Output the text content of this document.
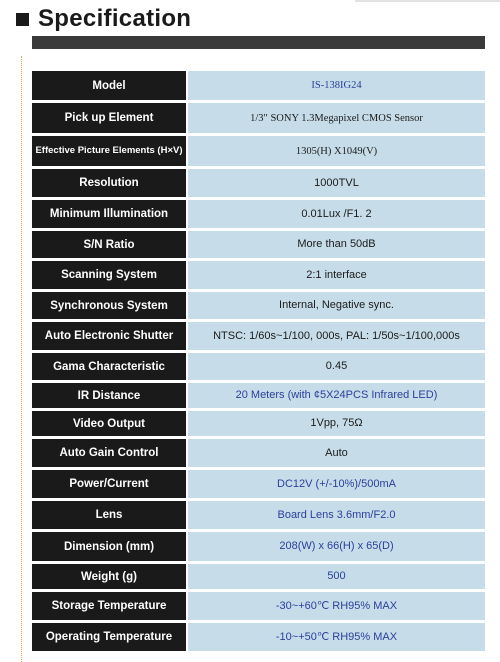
Specification
Model	IS-138IG24
Pick up Element	1/3" SONY 1.3Megapixel CMOS Sensor
Effective Picture Elements (H×V)	1305(H) X1049(V)
Resolution	1000TVL
Minimum Illumination	0.01Lux /F1. 2
S/N Ratio	More than 50dB
Scanning System	2:1 interface
Synchronous System	Internal, Negative sync.
Auto Electronic Shutter	NTSC: 1/60s~1/100, 000s, PAL: 1/50s~1/100,000s
Gama Characteristic	0.45
IR Distance	20 Meters (with ¢5X24PCS Infrared LED)
Video Output	1Vpp, 75Ω
Auto Gain Control	Auto
Power/Current	DC12V (+/-10%)/500mA
Lens	Board Lens 3.6mm/F2.0
Dimension (mm)	208(W) x 66(H) x 65(D)
Weight (g)	500
Storage Temperature	-30~+60℃ RH95% MAX
Operating Temperature	-10~+50℃ RH95% MAX
